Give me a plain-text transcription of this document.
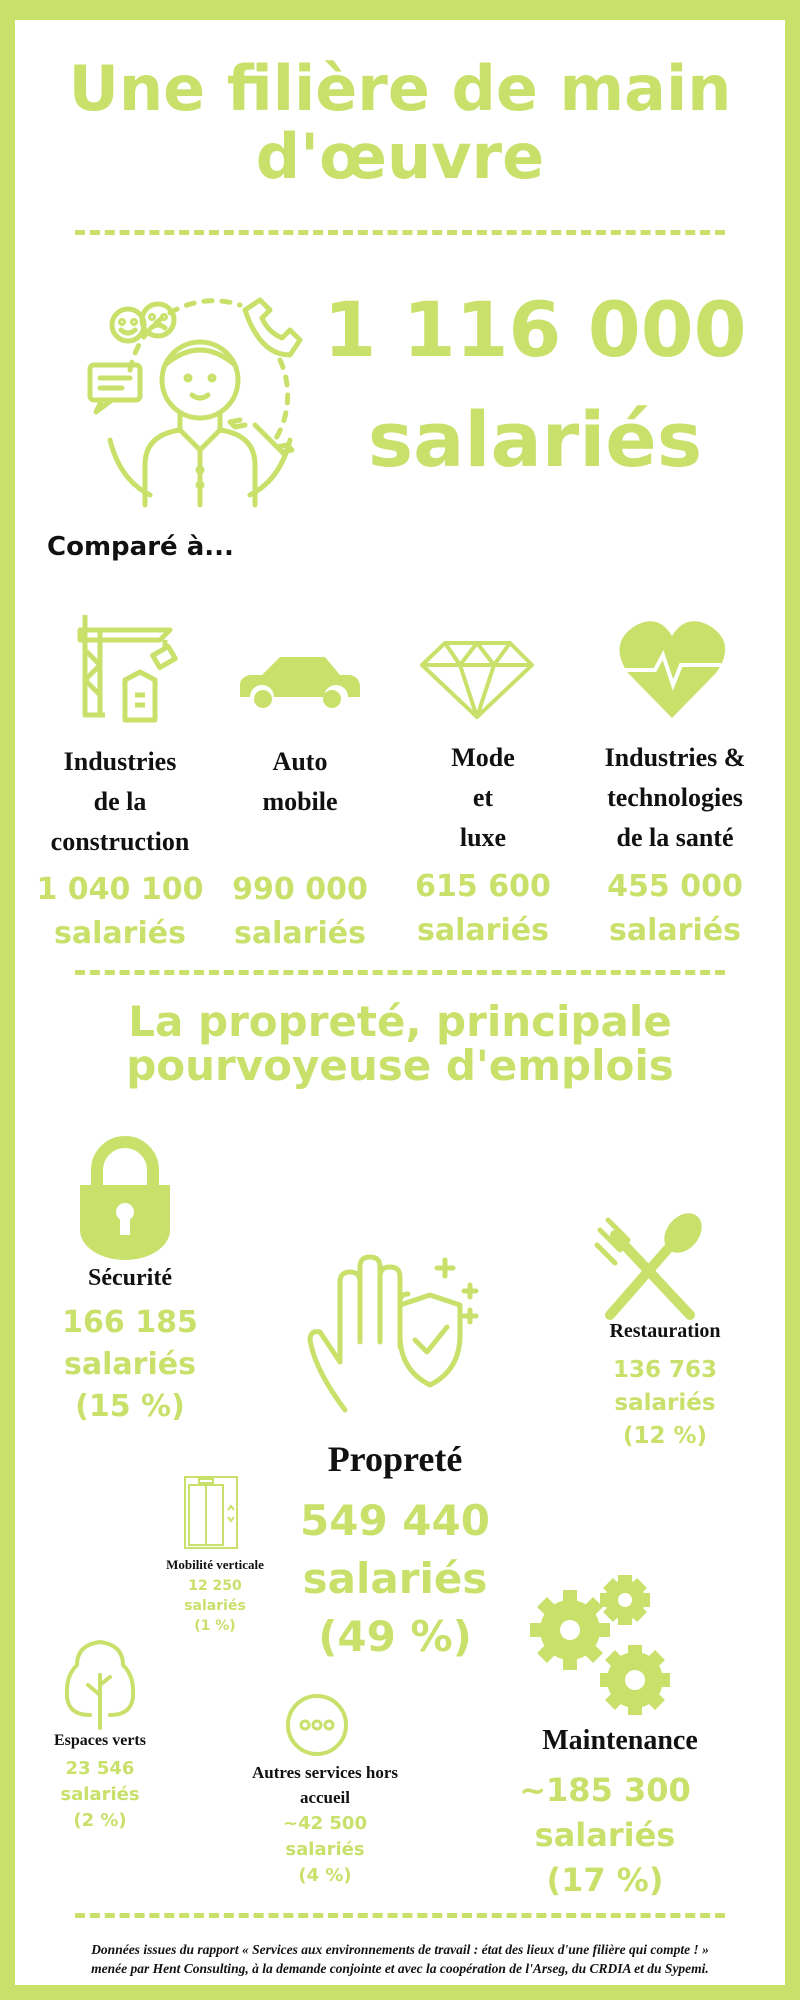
Une filière de main
d'œuvre
1 116 000
salariés
Comparé à...
Industries
de la
construction
Auto
mobile
Mode
et
luxe
Industries &
technologies
de la santé
1 040 100
salariés
990 000
salariés
615 600
salariés
455 000
salariés
La propreté, principale
pourvoyeuse d'emplois
Sécurité
166 185
salariés
(15 %)
Restauration
136 763
salariés
(12 %)
Propreté
549 440
salariés
(49 %)
Mobilité verticale
12 250
salariés
(1 %)
Maintenance
~185 300
salariés
(17 %)
Espaces verts
23 546
salariés
(2 %)
Autres services hors
accueil
~42 500
salariés
(4 %)
Données issues du rapport « Services aux environnements de travail : état des lieux d'une filière qui compte ! »
menée par Hent Consulting, à la demande conjointe et avec la coopération de l'Arseg, du CRDIA et du Sypemi.
